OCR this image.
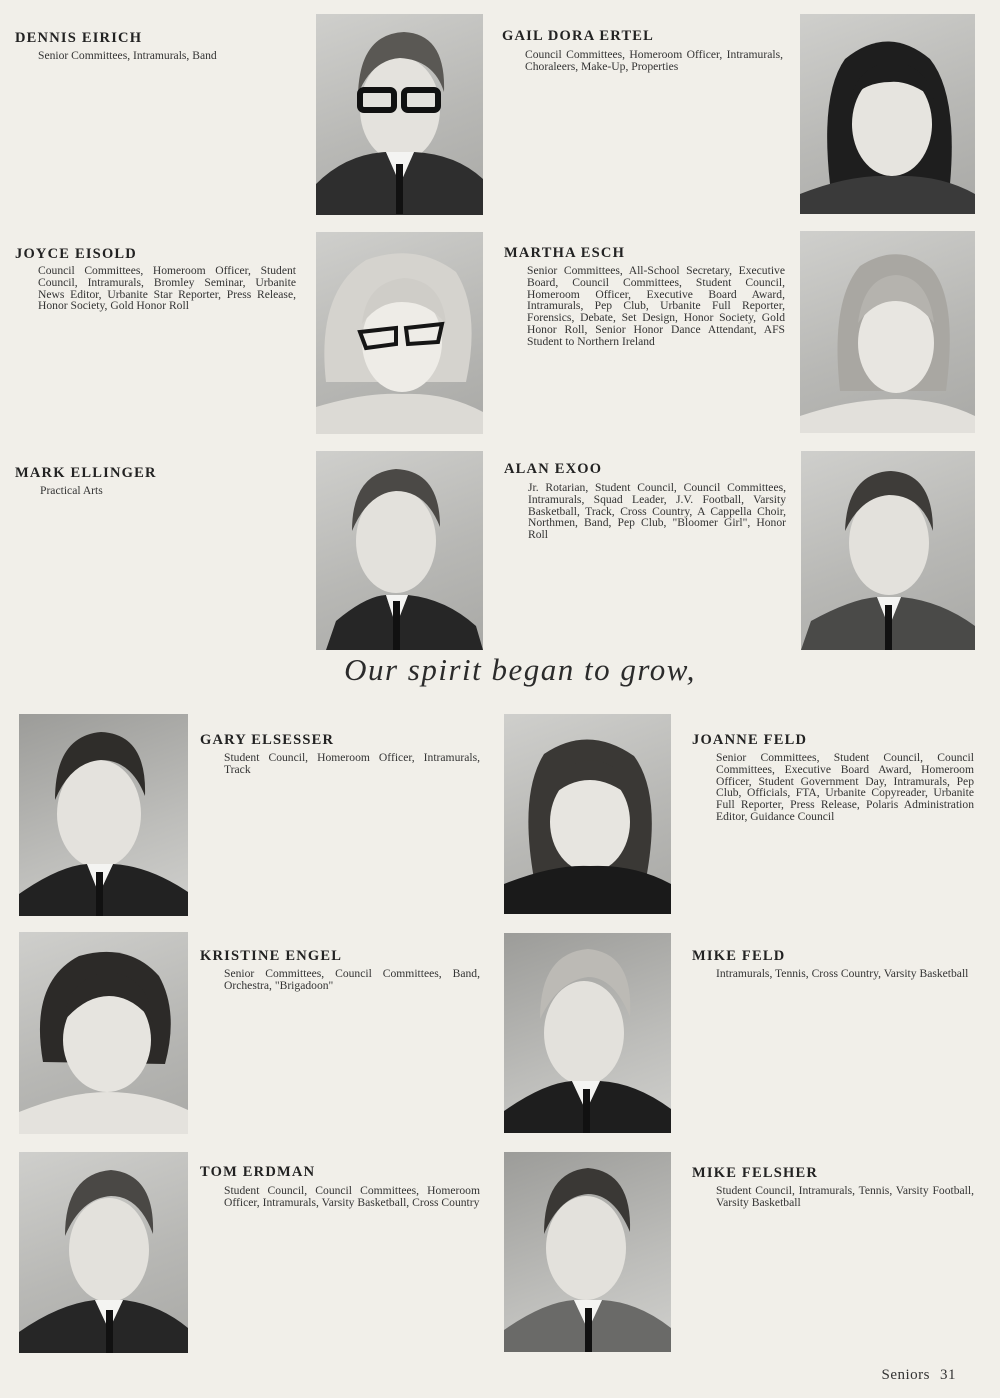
DENNIS EIRICH
Senior Committees, Intramurals, Band
GAIL DORA ERTEL
Council Committees, Homeroom Officer, Intramurals, Choraleers, Make-Up, Properties
JOYCE EISOLD
Council Committees, Homeroom Officer, Student Council, Intramurals, Bromley Seminar, Urbanite News Editor, Urbanite Star Reporter, Press Release, Honor Society, Gold Honor Roll
MARTHA ESCH
Senior Committees, All-School Secretary, Executive Board, Council Committees, Student Council, Homeroom Officer, Executive Board Award, Intramurals, Pep Club, Urbanite Full Reporter, Forensics, Debate, Set Design, Honor Society, Gold Honor Roll, Senior Honor Dance Attendant, AFS Student to Northern Ireland
MARK ELLINGER
Practical Arts
ALAN EXOO
Jr. Rotarian, Student Council, Council Committees, Intramurals, Squad Leader, J.V. Football, Varsity Basketball, Track, Cross Country, A Cappella Choir, Northmen, Band, Pep Club, "Bloomer Girl", Honor Roll
Our spirit began to grow,
GARY ELSESSER
Student Council, Homeroom Officer, Intramurals, Track
JOANNE FELD
Senior Committees, Student Council, Council Committees, Executive Board Award, Homeroom Officer, Student Government Day, Intramurals, Pep Club, Officials, FTA, Urbanite Copyreader, Urbanite Full Reporter, Press Release, Polaris Administration Editor, Guidance Council
KRISTINE ENGEL
Senior Committees, Council Committees, Band, Orchestra, "Brigadoon"
MIKE FELD
Intramurals, Tennis, Cross Country, Varsity Basketball
TOM ERDMAN
Student Council, Council Committees, Homeroom Officer, Intramurals, Varsity Basketball, Cross Country
MIKE FELSHER
Student Council, Intramurals, Tennis, Varsity Football, Varsity Basketball
Seniors 31
